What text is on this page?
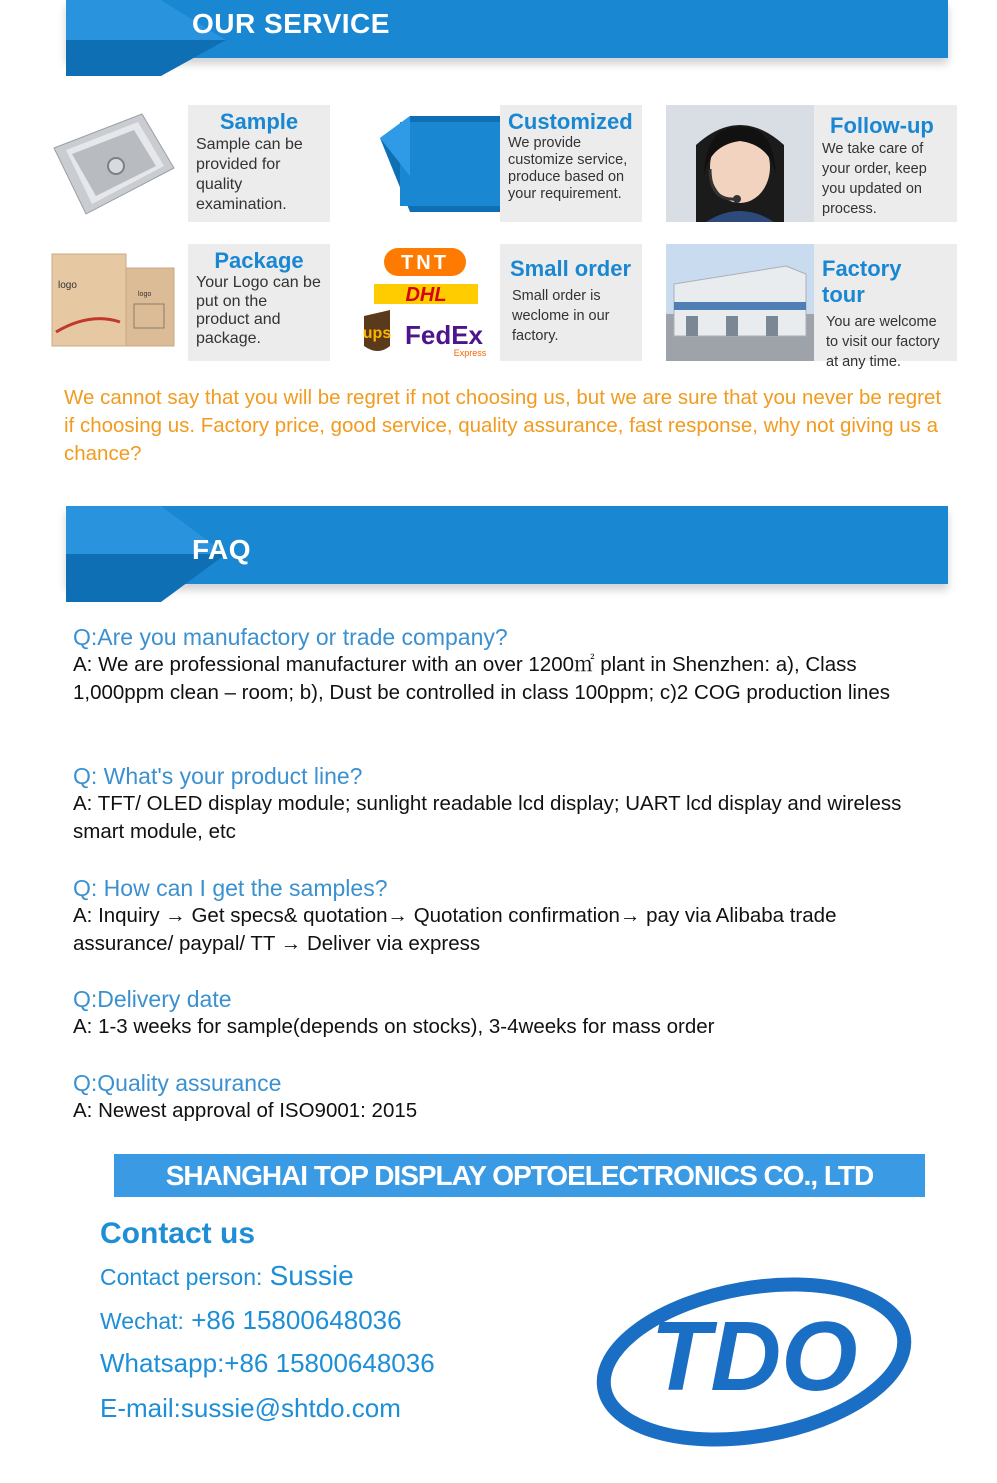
OUR SERVICE
Sample
Sample can be provided for quality examination.
Customized
We provide customize service, produce based on your requirement.
Follow-up
We take care of your order, keep you updated on process.
logo
logo
Package
Your Logo can be put on the product and package.
TNT
DHL
ups FedEx
Express
Small order
Small order is weclome in our factory.
Factory tour
You are welcome to visit our factory at any time.
We cannot say that you will be regret if not choosing us, but we are sure that you never be regret if choosing us. Factory price, good service, quality assurance, fast response, why not giving us a chance?
FAQ
Q:Are you manufactory or trade company?
A: We are professional manufacturer with an over 1200㎡ plant in Shenzhen: a), Class 1,000ppm clean – room; b), Dust be controlled in class 100ppm; c)2 COG production lines
Q: What's your product line?
A: TFT/ OLED display module; sunlight readable lcd display; UART lcd display and wireless smart module, etc
Q: How can I get the samples?
A: Inquiry → Get specs& quotation→ Quotation confirmation→ pay via Alibaba trade assurance/ paypal/ TT → Deliver via express
Q:Delivery date
A: 1-3 weeks for sample(depends on stocks), 3-4weeks for mass order
Q:Quality assurance
A: Newest approval of ISO9001: 2015
SHANGHAI TOP DISPLAY OPTOELECTRONICS CO., LTD
Contact us
Contact person: Sussie
Wechat: +86 15800648036
Whatsapp:+86 15800648036
E-mail:sussie@shtdo.com	TDO
